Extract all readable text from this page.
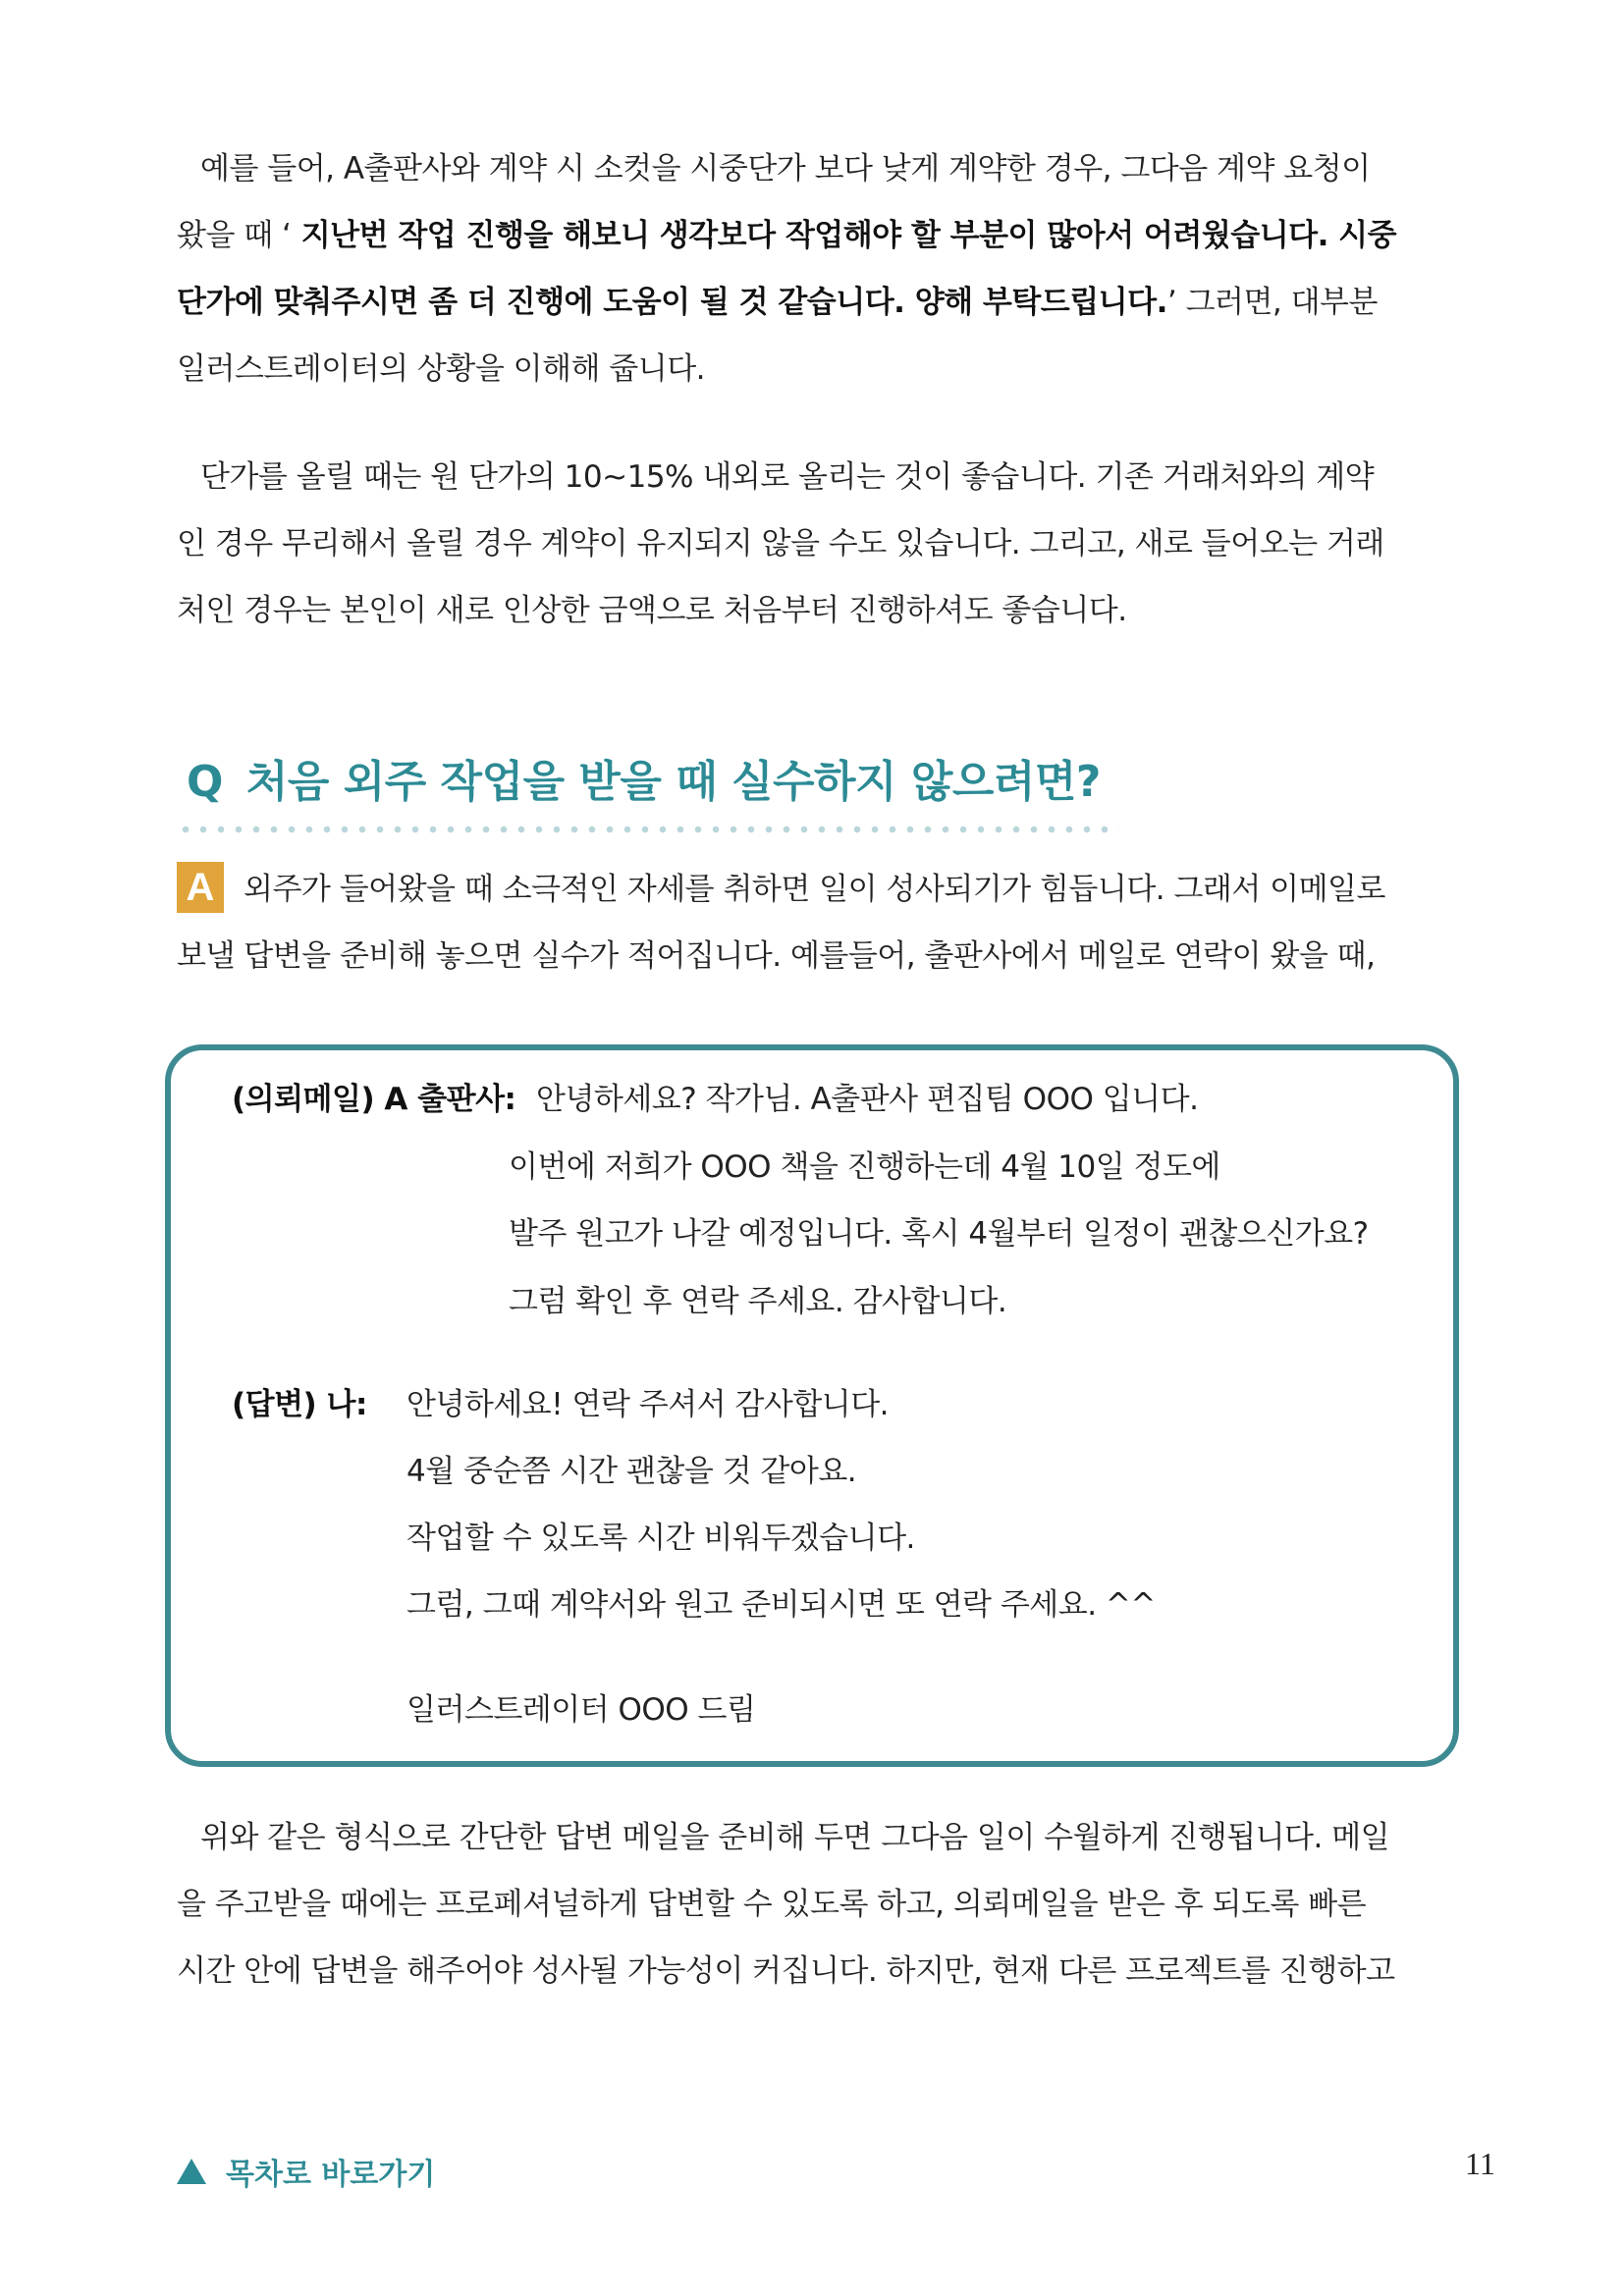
예를 들어, A출판사와 계약 시 소컷을 시중단가 보다 낮게 계약한 경우, 그다음 계약 요청이
왔을 때 ‘ 지난번 작업 진행을 해보니 생각보다 작업해야 할 부분이 많아서 어려웠습니다. 시중
단가에 맞춰주시면 좀 더 진행에 도움이 될 것 같습니다. 양해 부탁드립니다.’ 그러면, 대부분
일러스트레이터의 상황을 이해해 줍니다.
단가를 올릴 때는 원 단가의 10~15% 내외로 올리는 것이 좋습니다. 기존 거래처와의 계약
인 경우 무리해서 올릴 경우 계약이 유지되지 않을 수도 있습니다. 그리고, 새로 들어오는 거래
처인 경우는 본인이 새로 인상한 금액으로 처음부터 진행하셔도 좋습니다.
Q 처음 외주 작업을 받을 때 실수하지 않으려면?
A 외주가 들어왔을 때 소극적인 자세를 취하면 일이 성사되기가 힘듭니다. 그래서 이메일로
보낼 답변을 준비해 놓으면 실수가 적어집니다. 예를들어, 출판사에서 메일로 연락이 왔을 때,
(의뢰메일) A 출판사: 안녕하세요? 작가님. A출판사 편집팀 OOO 입니다.
이번에 저희가 OOO 책을 진행하는데 4월 10일 정도에
발주 원고가 나갈 예정입니다. 혹시 4월부터 일정이 괜찮으신가요?
그럼 확인 후 연락 주세요. 감사합니다.
(답변) 나: 안녕하세요! 연락 주셔서 감사합니다.
4월 중순쯤 시간 괜찮을 것 같아요.
작업할 수 있도록 시간 비워두겠습니다.
그럼, 그때 계약서와 원고 준비되시면 또 연락 주세요. ^^
일러스트레이터 OOO 드림
위와 같은 형식으로 간단한 답변 메일을 준비해 두면 그다음 일이 수월하게 진행됩니다. 메일
을 주고받을 때에는 프로페셔널하게 답변할 수 있도록 하고, 의뢰메일을 받은 후 되도록 빠른
시간 안에 답변을 해주어야 성사될 가능성이 커집니다. 하지만, 현재 다른 프로젝트를 진행하고
목차로 바로가기	11
